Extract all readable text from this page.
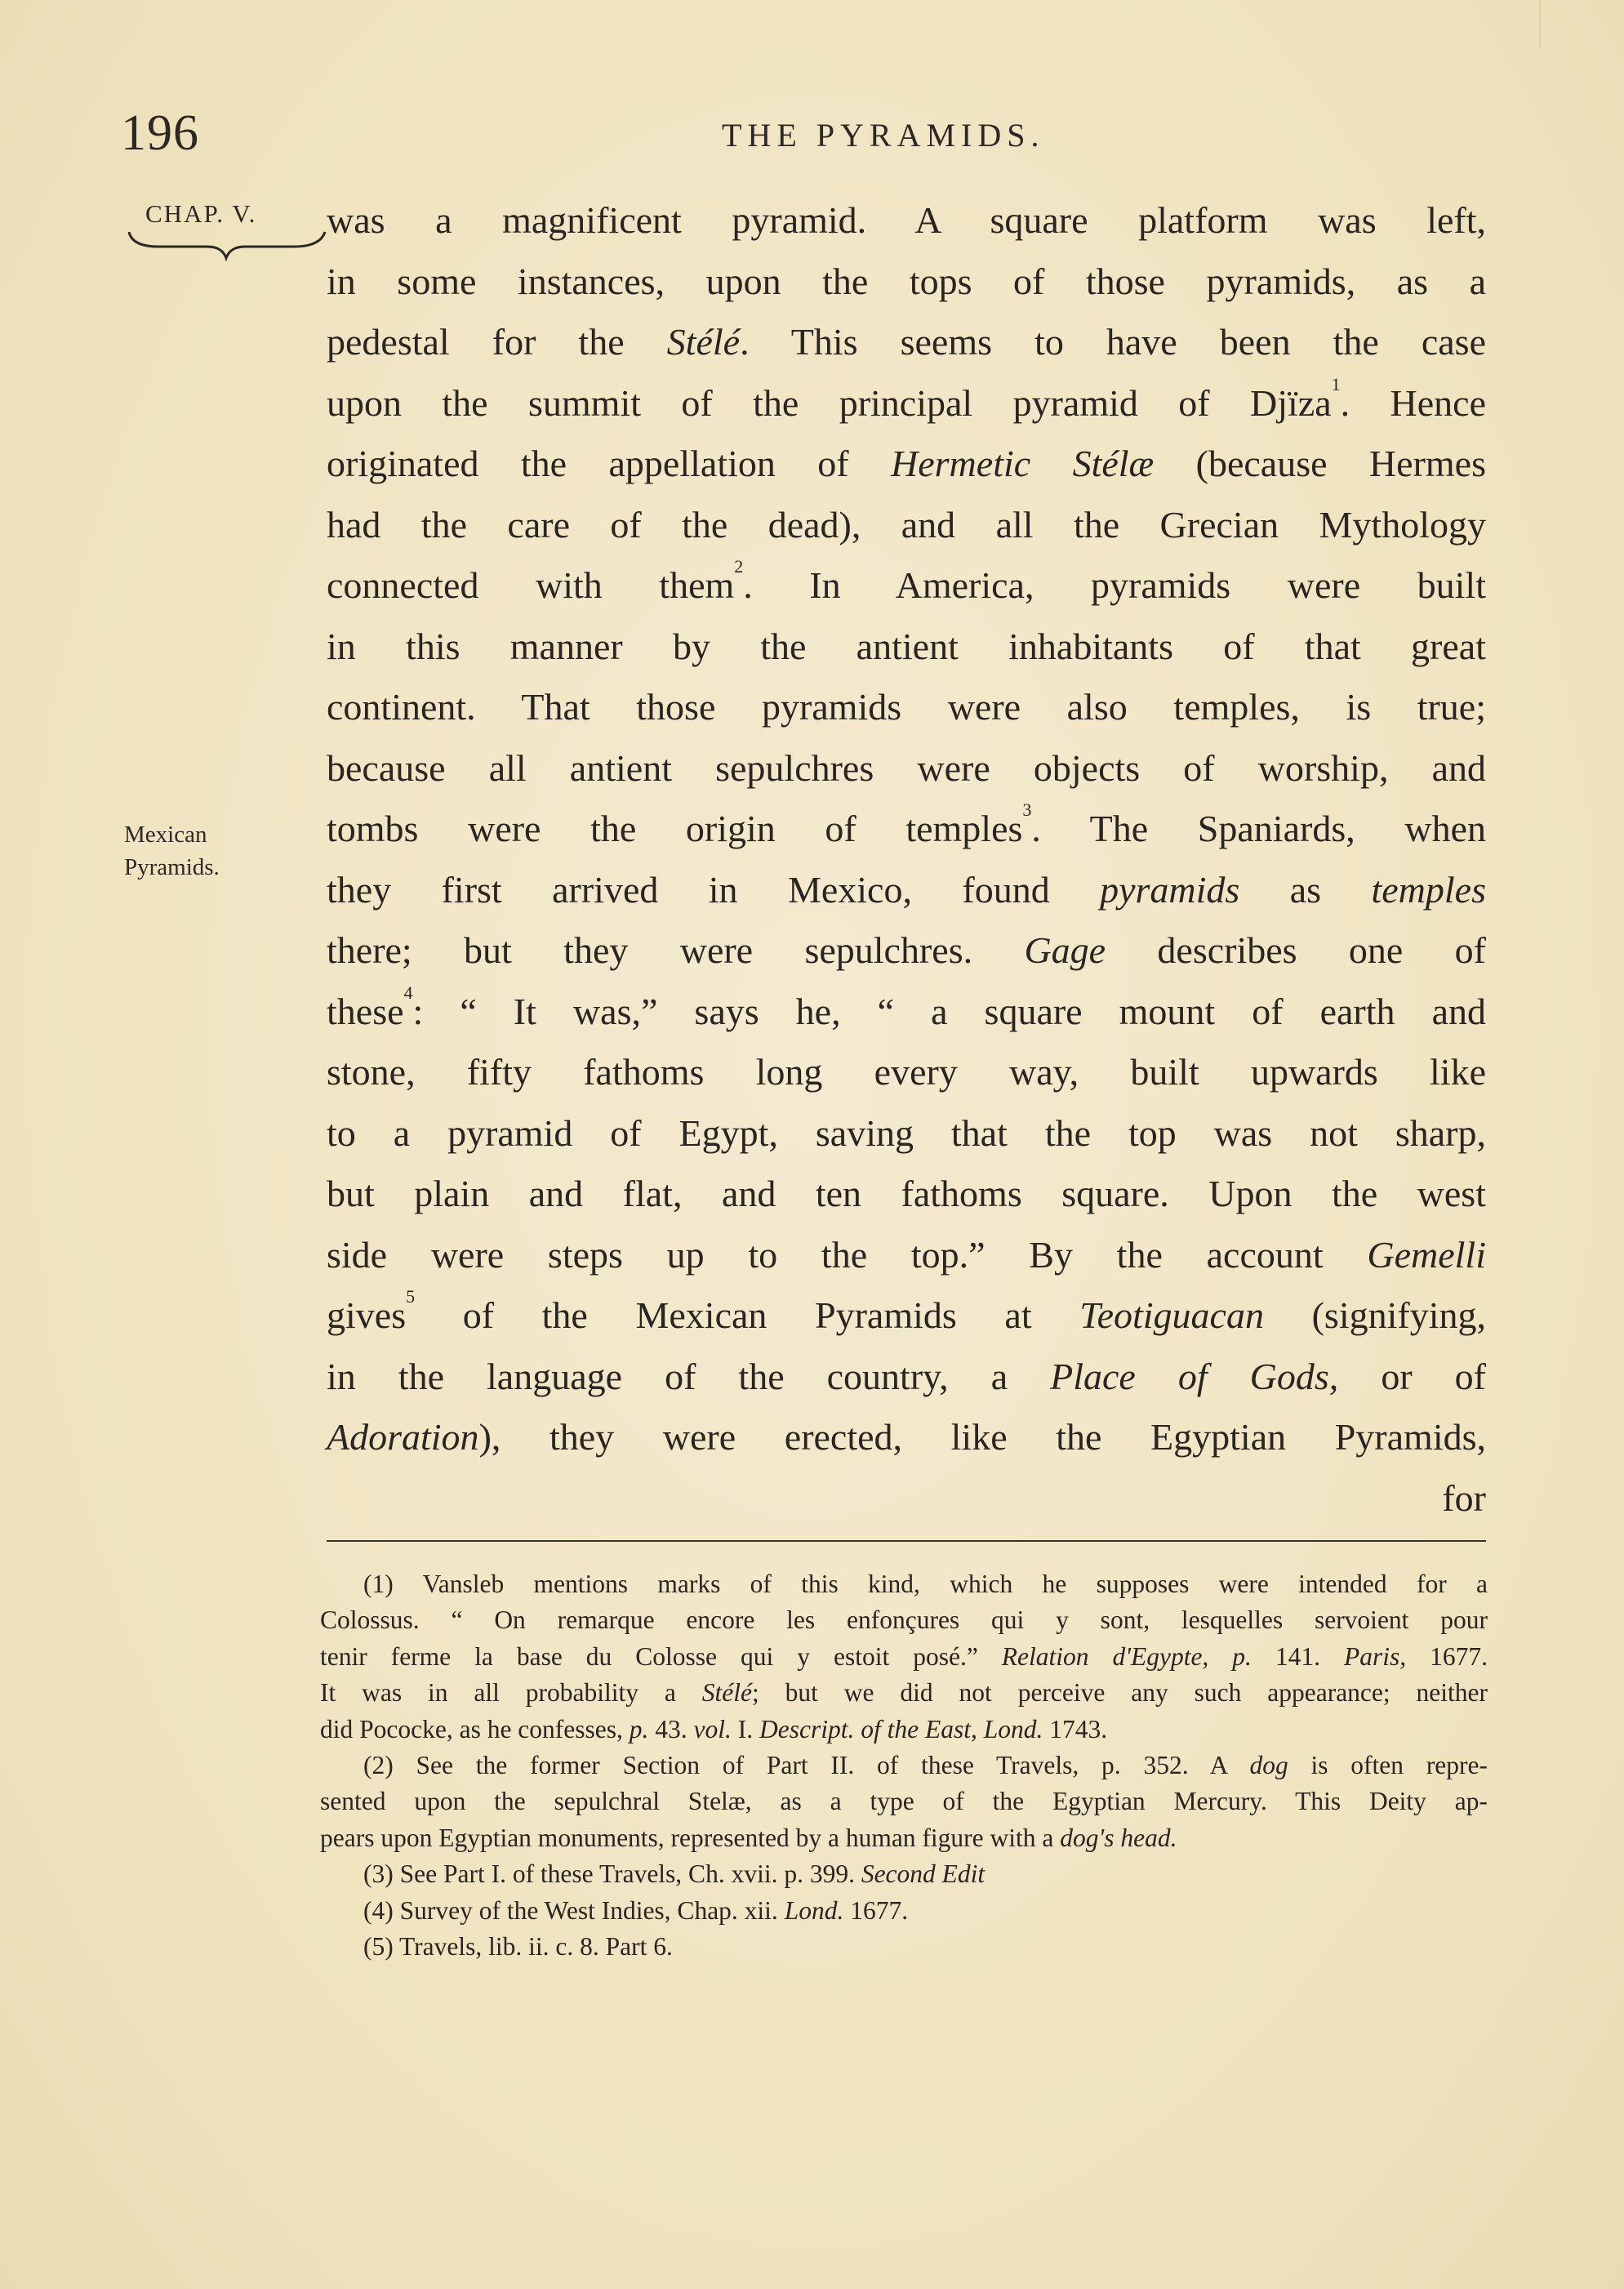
196	THE PYRAMIDS.
CHAP. V.
Mexican
Pyramids.
was a magnificent pyramid. A square platform was left,
in some instances, upon the tops of those pyramids, as a
pedestal for the Stélé. This seems to have been the case
upon the summit of the principal pyramid of Djïza$^1$. Hence
originated the appellation of Hermetic Stélæ (because Hermes
had the care of the dead), and all the Grecian Mythology
connected with them$^2$. In America, pyramids were built
in this manner by the antient inhabitants of that great
continent. That those pyramids were also temples, is true;
because all antient sepulchres were objects of worship, and
tombs were the origin of temples$^3$. The Spaniards, when
they first arrived in Mexico, found pyramids as temples
there; but they were sepulchres. Gage describes one of
these$^4$: “ It was,” says he, “ a square mount of earth and
stone, fifty fathoms long every way, built upwards like
to a pyramid of Egypt, saving that the top was not sharp,
but plain and flat, and ten fathoms square. Upon the west
side were steps up to the top.” By the account Gemelli
gives$^5$ of the Mexican Pyramids at Teotiguacan (signifying,
in the language of the country, a Place of Gods, or of
Adoration), they were erected, like the Egyptian Pyramids,
for
(1) Vansleb mentions marks of this kind, which he supposes were intended for a
Colossus. “ On remarque encore les enfonçures qui y sont, lesquelles servoient pour
tenir ferme la base du Colosse qui y estoit posé.” Relation d'Egypte, p. 141. Paris, 1677.
It was in all probability a Stélé; but we did not perceive any such appearance; neither
did Pococke, as he confesses, p. 43. vol. I. Descript. of the East, Lond. 1743.
(2) See the former Section of Part II. of these Travels, p. 352. A dog is often repre-
sented upon the sepulchral Stelæ, as a type of the Egyptian Mercury. This Deity ap-
pears upon Egyptian monuments, represented by a human figure with a dog's head.
(3) See Part I. of these Travels, Ch. xvii. p. 399. Second Edit
(4) Survey of the West Indies, Chap. xii. Lond. 1677.
(5) Travels, lib. ii. c. 8. Part 6.
